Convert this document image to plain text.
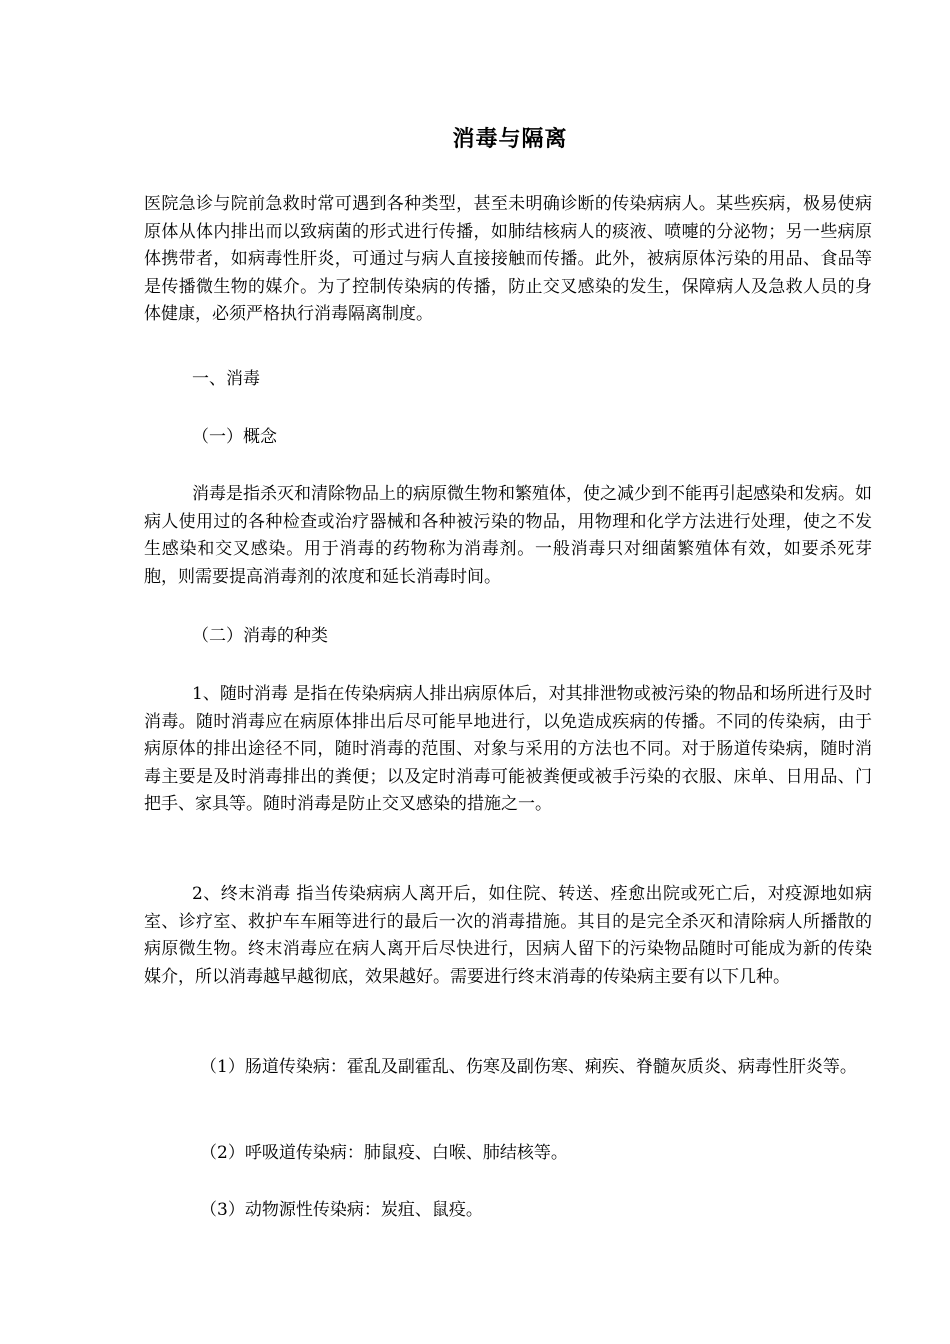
消毒与隔离
医院急诊与院前急救时常可遇到各种类型，甚至未明确诊断的传染病病人。某些疾病，极易使病原体从体内排出而以致病菌的形式进行传播，如肺结核病人的痰液、喷嚏的分泌物；另一些病原体携带者，如病毒性肝炎，可通过与病人直接接触而传播。此外，被病原体污染的用品、食品等是传播微生物的媒介。为了控制传染病的传播，防止交叉感染的发生，保障病人及急救人员的身体健康，必须严格执行消毒隔离制度。
一、消毒
（一）概念
消毒是指杀灭和清除物品上的病原微生物和繁殖体，使之减少到不能再引起感染和发病。如病人使用过的各种检查或治疗器械和各种被污染的物品，用物理和化学方法进行处理，使之不发生感染和交叉感染。用于消毒的药物称为消毒剂。一般消毒只对细菌繁殖体有效，如要杀死芽胞，则需要提高消毒剂的浓度和延长消毒时间。
（二）消毒的种类
1、随时消毒 是指在传染病病人排出病原体后，对其排泄物或被污染的物品和场所进行及时消毒。随时消毒应在病原体排出后尽可能早地进行，以免造成疾病的传播。不同的传染病，由于病原体的排出途径不同，随时消毒的范围、对象与采用的方法也不同。对于肠道传染病，随时消毒主要是及时消毒排出的粪便；以及定时消毒可能被粪便或被手污染的衣服、床单、日用品、门把手、家具等。随时消毒是防止交叉感染的措施之一。
2、终末消毒 指当传染病病人离开后，如住院、转送、痊愈出院或死亡后，对疫源地如病室、诊疗室、救护车车厢等进行的最后一次的消毒措施。其目的是完全杀灭和清除病人所播散的病原微生物。终末消毒应在病人离开后尽快进行，因病人留下的污染物品随时可能成为新的传染媒介，所以消毒越早越彻底，效果越好。需要进行终末消毒的传染病主要有以下几种。
（1）肠道传染病：霍乱及副霍乱、伤寒及副伤寒、痢疾、脊髓灰质炎、病毒性肝炎等。
（2）呼吸道传染病：肺鼠疫、白喉、肺结核等。
（3）动物源性传染病：炭疽、鼠疫。
